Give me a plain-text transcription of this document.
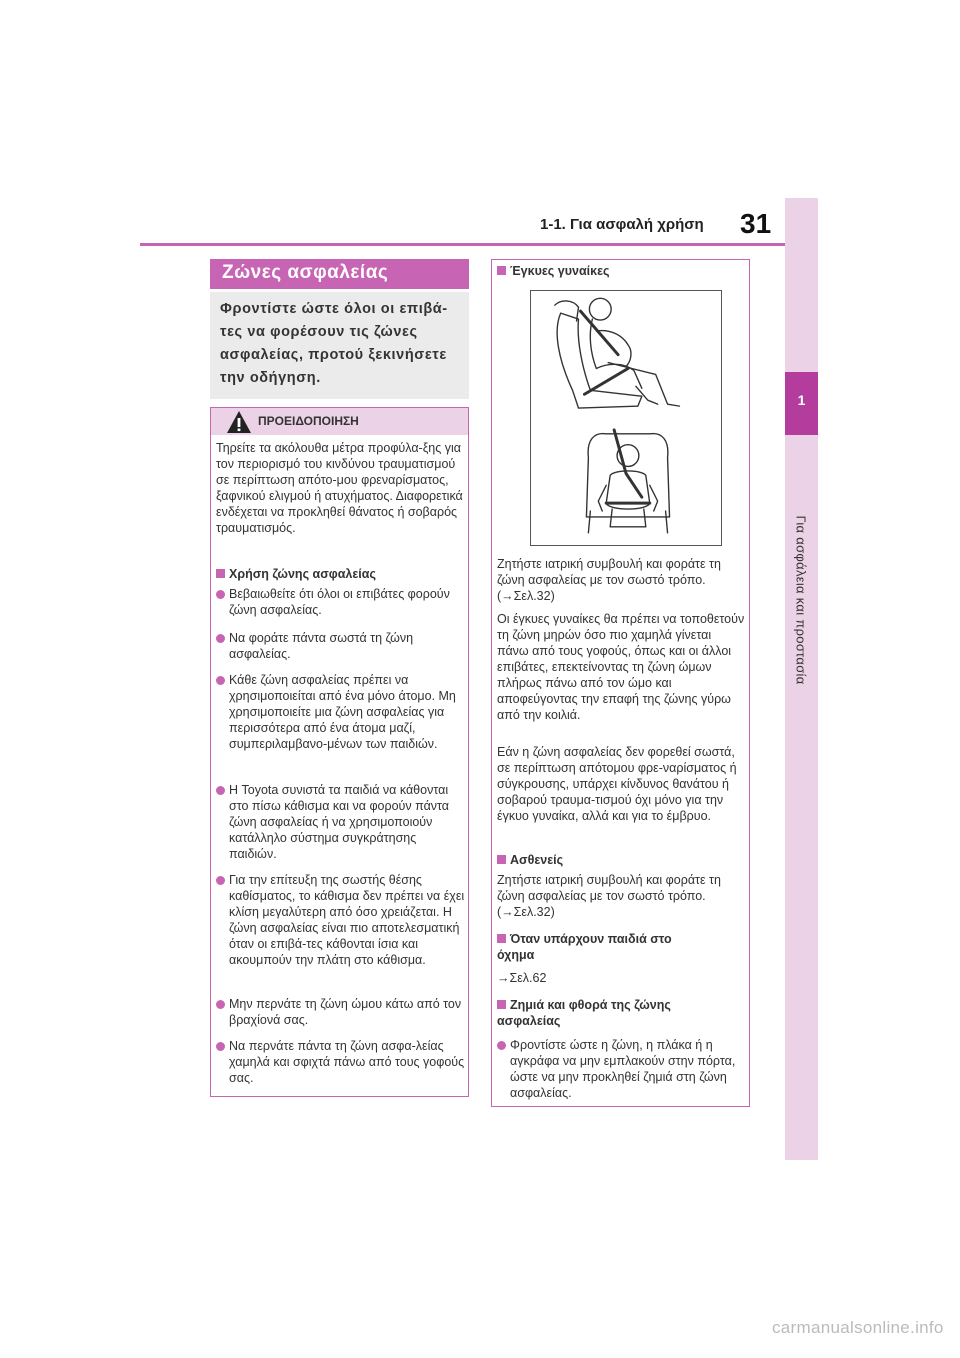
1-1. Για ασφαλή χρήση 31
1
Για ασφάλεια και προστασία
Ζώνες ασφαλείας
Φροντίστε ώστε όλοι οι επιβά-τες να φορέσουν τις ζώνες ασφαλείας, προτού ξεκινήσετε την οδήγηση.
ΠΡΟΕΙΔΟΠΟΙΗΣΗ
Τηρείτε τα ακόλουθα μέτρα προφύλα-ξης για τον περιορισμό του κινδύνου τραυματισμού σε περίπτωση απότο-μου φρεναρίσματος, ξαφνικού ελιγμού ή ατυχήματος. Διαφορετικά ενδέχεται να προκληθεί θάνατος ή σοβαρός τραυματισμός.
Χρήση ζώνης ασφαλείας
Βεβαιωθείτε ότι όλοι οι επιβάτες φορούν ζώνη ασφαλείας.
Να φοράτε πάντα σωστά τη ζώνη ασφαλείας.
Κάθε ζώνη ασφαλείας πρέπει να χρησιμοποιείται από ένα μόνο άτομο. Μη χρησιμοποιείτε μια ζώνη ασφαλείας για περισσότερα από ένα άτομα μαζί, συμπεριλαμβανο-μένων των παιδιών.
Η Toyota συνιστά τα παιδιά να κάθονται στο πίσω κάθισμα και να φορούν πάντα ζώνη ασφαλείας ή να χρησιμοποιούν κατάλληλο σύστημα συγκράτησης παιδιών.
Για την επίτευξη της σωστής θέσης καθίσματος, το κάθισμα δεν πρέπει να έχει κλίση μεγαλύτερη από όσο χρειάζεται. Η ζώνη ασφαλείας είναι πιο αποτελεσματική όταν οι επιβά-τες κάθονται ίσια και ακουμπούν την πλάτη στο κάθισμα.
Μην περνάτε τη ζώνη ώμου κάτω από τον βραχίονά σας.
Να περνάτε πάντα τη ζώνη ασφα-λείας χαμηλά και σφιχτά πάνω από τους γοφούς σας.
Έγκυες γυναίκες
Ζητήστε ιατρική συμβουλή και φοράτε τη ζώνη ασφαλείας με τον σωστό τρόπο. (→Σελ.32)
Οι έγκυες γυναίκες θα πρέπει να τοποθετούν τη ζώνη μηρών όσο πιο χαμηλά γίνεται πάνω από τους γοφούς, όπως και οι άλλοι επιβάτες, επεκτείνοντας τη ζώνη ώμων πλήρως πάνω από τον ώμο και αποφεύγοντας την επαφή της ζώνης γύρω από την κοιλιά.
Εάν η ζώνη ασφαλείας δεν φορεθεί σωστά, σε περίπτωση απότομου φρε-ναρίσματος ή σύγκρουσης, υπάρχει κίνδυνος θανάτου ή σοβαρού τραυμα-τισμού όχι μόνο για την έγκυο γυναίκα, αλλά και για το έμβρυο.
Ασθενείς
Ζητήστε ιατρική συμβουλή και φοράτε τη ζώνη ασφαλείας με τον σωστό τρόπο. (→Σελ.32)
Όταν υπάρχουν παιδιά στο όχημα
→Σελ.62
Ζημιά και φθορά της ζώνης ασφαλείας
Φροντίστε ώστε η ζώνη, η πλάκα ή η αγκράφα να μην εμπλακούν στην πόρτα, ώστε να μην προκληθεί ζημιά στη ζώνη ασφαλείας.
carmanualsonline.info
